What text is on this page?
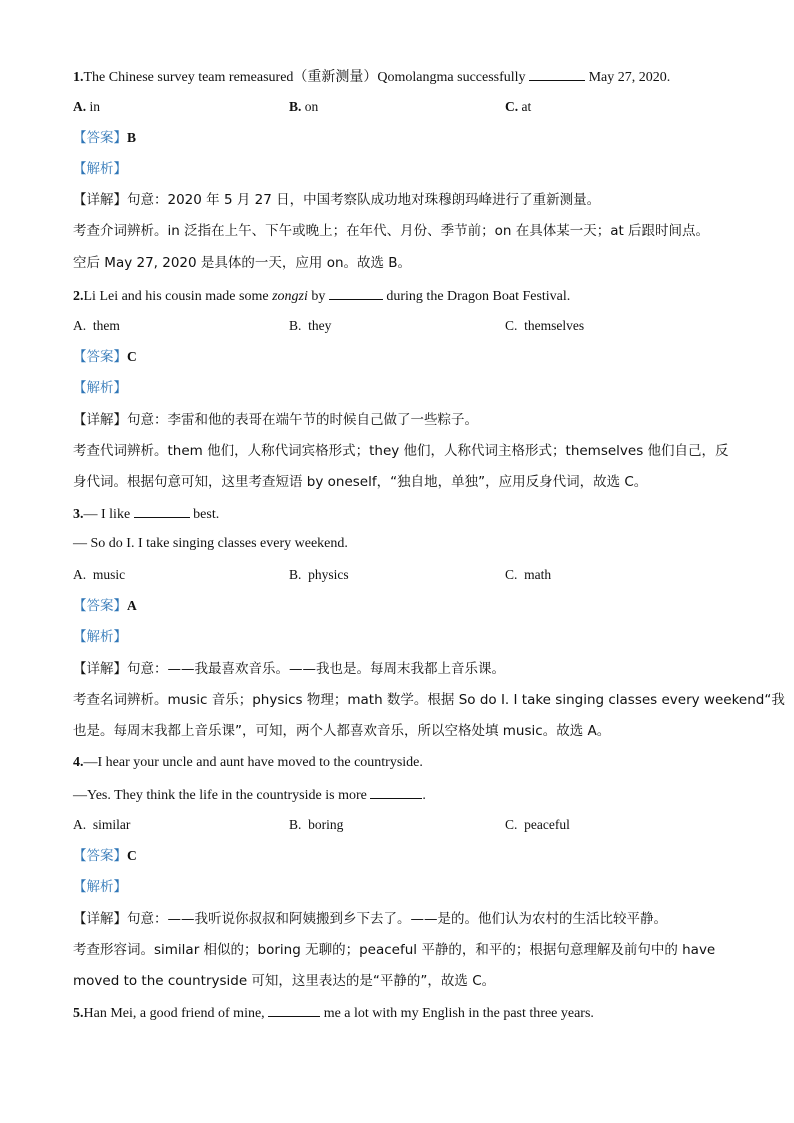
1.The Chinese survey team remeasured（重新测量）Qomolangma successfully	May 27, 2020.
A. in	B. on	C. at
【答案】B
【解析】
【详解】句意：2020 年 5 月 27 日，中国考察队成功地对珠穆朗玛峰进行了重新测量。
考查介词辨析。in 泛指在上午、下午或晚上；在年代、月份、季节前；on 在具体某一天；at 后跟时间点。
空后 May 27, 2020 是具体的一天，应用 on。故选 B。
2.Li Lei and his cousin made some zongzi by	during the Dragon Boat Festival.
A. them	B. they	C. themselves
【答案】C
【解析】
【详解】句意：李雷和他的表哥在端午节的时候自己做了一些粽子。
考查代词辨析。them 他们，人称代词宾格形式；they 他们，人称代词主格形式；themselves 他们自己，反
身代词。根据句意可知，这里考查短语 by oneself，“独自地，单独”，应用反身代词，故选 C。
3.— I like	best.
— So do I. I take singing classes every weekend.
A. music	B. physics	C. math
【答案】A
【解析】
【详解】句意：——我最喜欢音乐。——我也是。每周末我都上音乐课。
考查名词辨析。music 音乐；physics 物理；math 数学。根据 So do I. I take singing classes every weekend“我
也是。每周末我都上音乐课”，可知，两个人都喜欢音乐，所以空格处填 music。故选 A。
4.—I hear your uncle and aunt have moved to the countryside.
—Yes. They think the life in the countryside is more	.
A. similar	B. boring	C. peaceful
【答案】C
【解析】
【详解】句意：——我听说你叔叔和阿姨搬到乡下去了。——是的。他们认为农村的生活比较平静。
考查形容词。similar 相似的；boring 无聊的；peaceful 平静的，和平的；根据句意理解及前句中的 have
moved to the countryside 可知，这里表达的是“平静的”，故选 C。
5.Han Mei, a good friend of mine,	me a lot with my English in the past three years.
